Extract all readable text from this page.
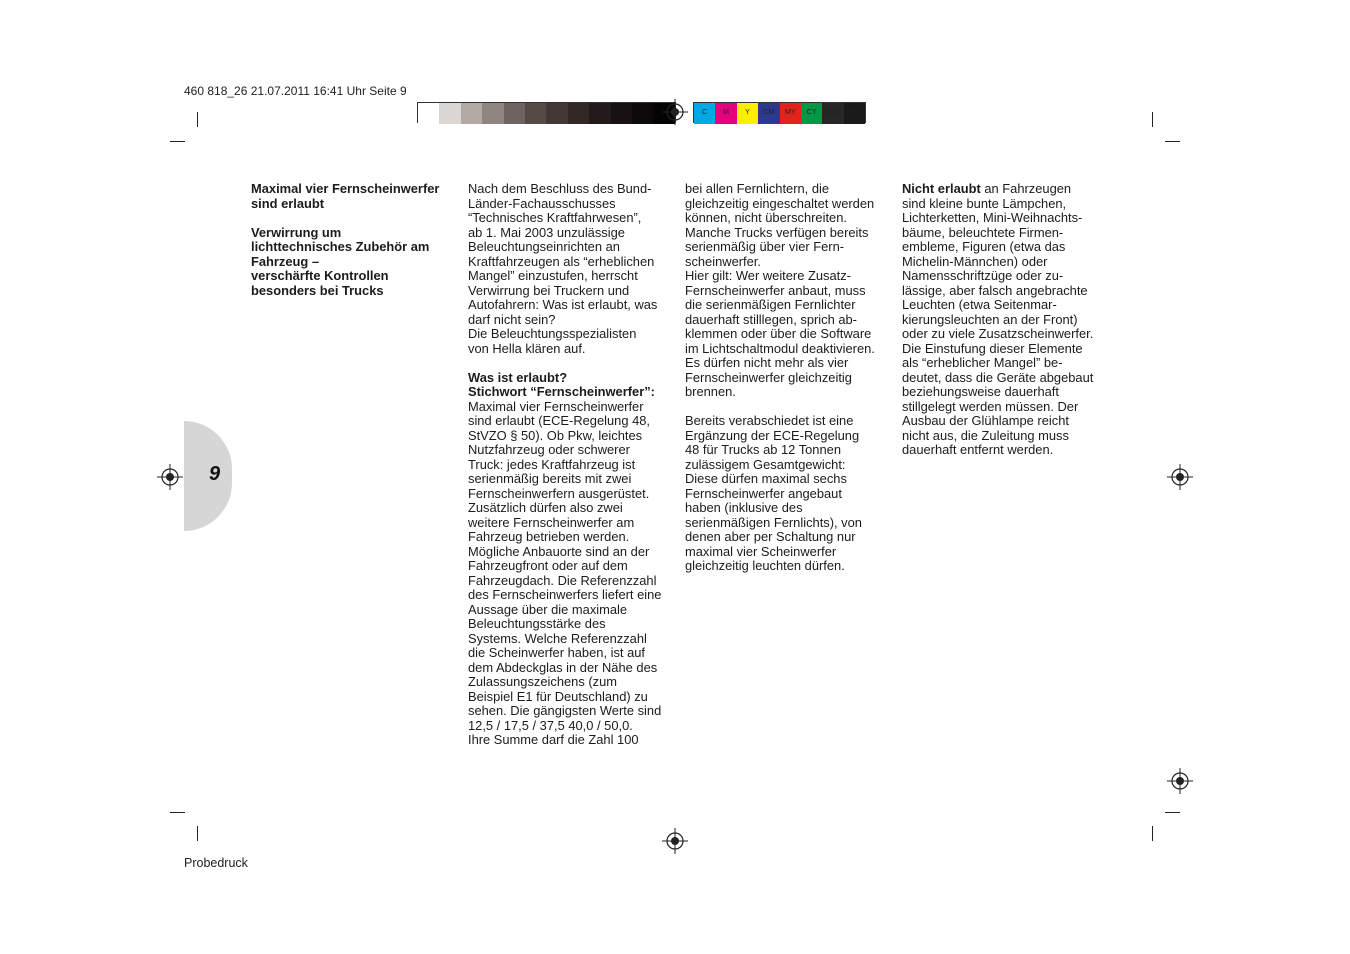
460 818_26 21.07.2011 16:41 Uhr Seite 9
C	M	Y	CM	MY	CY	CMY	K
9

Maximal vier Fernscheinwerfer
sind erlaubt

Verwirrung um
lichttechnisches Zubehör am
Fahrzeug –
verschärfte Kontrollen
besonders bei Trucks

Nach dem Beschluss des Bund-
Länder-Fachausschusses
“Technisches Kraftfahrwesen”,
ab 1. Mai 2003 unzulässige
Beleuchtungseinrichten an
Kraftfahrzeugen als “erheblichen
Mangel” einzustufen, herrscht
Verwirrung bei Truckern und
Autofahrern: Was ist erlaubt, was
darf nicht sein?
Die Beleuchtungsspezialisten
von Hella klären auf.

Was ist erlaubt?
Stichwort “Fernscheinwerfer”:

Maximal vier Fernscheinwerfer
sind erlaubt (ECE-Regelung 48,
StVZO § 50). Ob Pkw, leichtes
Nutzfahrzeug oder schwerer
Truck: jedes Kraftfahrzeug ist
serienmäßig bereits mit zwei
Fernscheinwerfern ausgerüstet.
Zusätzlich dürfen also zwei
weitere Fernscheinwerfer am
Fahrzeug betrieben werden.
Mögliche Anbauorte sind an der
Fahrzeugfront oder auf dem
Fahrzeugdach. Die Referenzzahl
des Fernscheinwerfers liefert eine
Aussage über die maximale
Beleuchtungsstärke des
Systems. Welche Referenzzahl
die Scheinwerfer haben, ist auf
dem Abdeckglas in der Nähe des
Zulassungszeichens (zum
Beispiel E1 für Deutschland) zu
sehen. Die gängigsten Werte sind
12,5 / 17,5 / 37,5 40,0 / 50,0.
Ihre Summe darf die Zahl 100

bei allen Fernlichtern, die
gleichzeitig eingeschaltet werden
können, nicht überschreiten.
Manche Trucks verfügen bereits
serienmäßig über vier Fern-
scheinwerfer.
Hier gilt: Wer weitere Zusatz-
Fernscheinwerfer anbaut, muss
die serienmäßigen Fernlichter
dauerhaft stilllegen, sprich ab-
klemmen oder über die Software
im Lichtschaltmodul deaktivieren.
Es dürfen nicht mehr als vier
Fernscheinwerfer gleichzeitig
brennen.

Bereits verabschiedet ist eine
Ergänzung der ECE-Regelung
48 für Trucks ab 12 Tonnen
zulässigem Gesamtgewicht:
Diese dürfen maximal sechs
Fernscheinwerfer angebaut
haben (inklusive des
serienmäßigen Fernlichts), von
denen aber per Schaltung nur
maximal vier Scheinwerfer
gleichzeitig leuchten dürfen.

Nicht erlaubt an Fahrzeugen
sind kleine bunte Lämpchen,
Lichterketten, Mini-Weihnachts-
bäume, beleuchtete Firmen-
embleme, Figuren (etwa das
Michelin-Männchen) oder
Namensschriftzüge oder zu-
lässige, aber falsch angebrachte
Leuchten (etwa Seitenmar-
kierungsleuchten an der Front)
oder zu viele Zusatzscheinwerfer.
Die Einstufung dieser Elemente
als “erheblicher Mangel” be-
deutet, dass die Geräte abgebaut
beziehungsweise dauerhaft
stillgelegt werden müssen. Der
Ausbau der Glühlampe reicht
nicht aus, die Zuleitung muss
dauerhaft entfernt werden.

Probedruck
